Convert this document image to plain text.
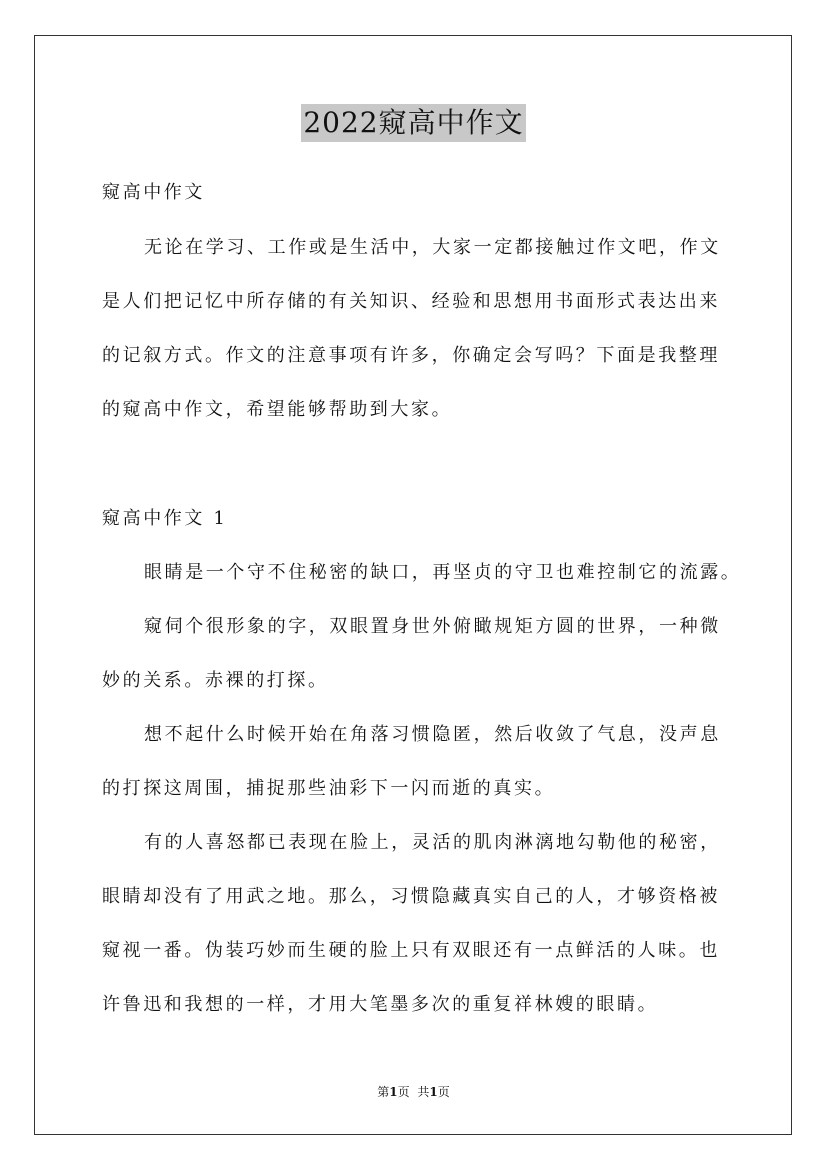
2022窥高中作文
窥高中作文
无论在学习、工作或是生活中，大家一定都接触过作文吧，作文
是人们把记忆中所存储的有关知识、经验和思想用书面形式表达出来
的记叙方式。作文的注意事项有许多，你确定会写吗？下面是我整理
的窥高中作文，希望能够帮助到大家。
窥高中作文 1
眼睛是一个守不住秘密的缺口，再坚贞的守卫也难控制它的流露。
窥伺个很形象的字，双眼置身世外俯瞰规矩方圆的世界，一种微
妙的关系。赤裸的打探。
想不起什么时候开始在角落习惯隐匿，然后收敛了气息，没声息
的打探这周围，捕捉那些油彩下一闪而逝的真实。
有的人喜怒都已表现在脸上，灵活的肌肉淋漓地勾勒他的秘密，
眼睛却没有了用武之地。那么，习惯隐藏真实自己的人，才够资格被
窥视一番。伪装巧妙而生硬的脸上只有双眼还有一点鲜活的人味。也
许鲁迅和我想的一样，才用大笔墨多次的重复祥林嫂的眼睛。
第1页 共1页
